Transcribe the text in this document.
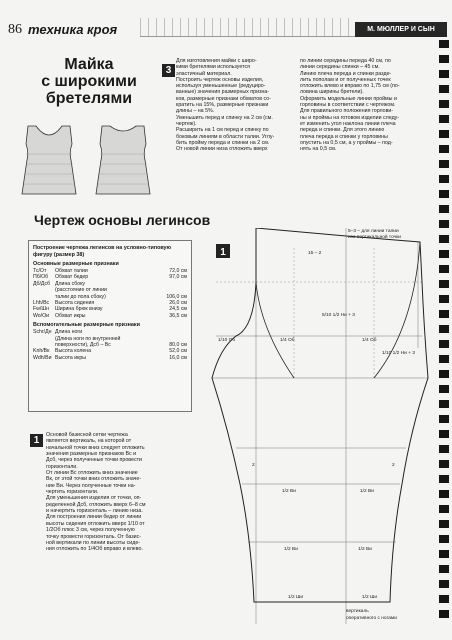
86 техника кроя	М. МЮЛЛЕР И СЫН
Майка
с широкими
бретелями
3
Для изготовления майки с широ-
кими бретелями используется
эластичный материал.
Построить чертеж основы изделия,
используя уменьшенные (редуциро-
ванные) значения размерных призна-
ков, размерные признаки обхватов со-
кратить на 15%, размерные признаки
длины – на 5%.
Уменьшить перед и спинку на 2 см (см.
чертеж).
Расширить на 1 см перед и спинку по
боковым линиям в области талии. Углу-
бить пройму переда и спинки на 2 см.
От новой линии низа отложить вверх
по линии середины переда 40 см, по
линии середины спинки – 45 см.
Линию плеча переда и спинки разде-
лить пополам и от полученных точек
отложить влево и вправо по 1,75 см (по-
ловина ширины бретели).
Оформить модельные линии проймы и
горловины в соответствии с чертежом.
Для правильного положения горлови-
ны и проймы на готовом изделии следу-
ет изменить угол наклона линии плеча
переда и спинки. Для этого линию
плеча переда и спинки у горловины
опустить на 0,5 см, а у проймы – под-
нять на 0,5 см.
Чертеж основы легинсов
Построение чертежа легинсов на условно-типовую фигуру (размер 38)
Основные размерные признаки
Тс/От	Обхват талии	72,0 см
Пб/Об	Обхват бедер	97,0 см
Дб/Дсб Длина сбоку
(расстояние от линии
талии до пола сбоку)	106,0 см
Lhh/Вс	Высота сидения	26,0 см
Fw/Шн	Ширина брюк внизу	24,5 см
Wo/Ои	Обхват икры	36,5 см
Вспомогательные размерные признаки
Schr/Дн Длина ноги
(Длина ноги по внутренней
поверхности), Дсб – Вс	80,0 см
Knh/Вк	Высота колена	52,0 см
Wdh/Ви Высота икры	16,0 см
1	Основой базисной сетки чертежа
является вертикаль, на которой от
начальной точки вниз следует отложить
значения размерных признаков Вс и
Дсб, через полученные точки провести
горизонтали.
От линии Вс отложить вниз значение
Вк, от этой точки вниз отложить значе-
ние Ви. Через полученные точки на-
чертить горизонтали.
Для уменьшения изделия от точки, оп-
ределенной Дсб, отложить вверх 6–8 см
и начертить горизонталь – линию низа.
Для построения линии бедер от линии
высоты сидения отложить вверх 1/10 от
1/2Об плюс 3 см, через полученную
точку провести горизонталь. От базис-
ной вертикали по линии высоты сиде-
ния отложить по 1/4Об вправо и влево.
1
5–3 – для линии талии
изо вертикальной точки
15 – 2
1/10 Об	1/4 Об	1/4 Об
5/10 1/2 Ни + 3
1/10 1/2 Ни + 3
1/2 Ви	1/2 Ви
2	2
1/2 Ви	1/2 Ви
1/2 Ши	1/2 Ши
вертикаль
оперативного с ногами
